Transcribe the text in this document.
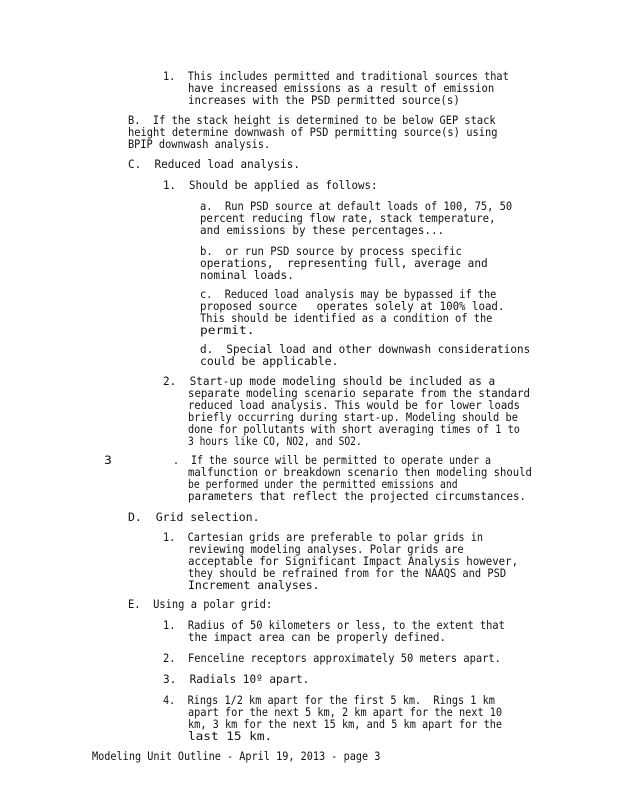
1.  This includes permitted and traditional sources that
have increased emissions as a result of emission
increases with the PSD permitted source(s)
B.  If the stack height is determined to be below GEP stack
height determine downwash of PSD permitting source(s) using
BPIP downwash analysis.
C.  Reduced load analysis.
1.  Should be applied as follows:
a.  Run PSD source at default loads of 100, 75, 50
percent reducing flow rate, stack temperature,
and emissions by these percentages...
b.  or run PSD source by process specific
operations,  representing full, average and
nominal loads.
c.  Reduced load analysis may be bypassed if the
proposed source   operates solely at 100% load.
This should be identified as a condition of the
permit.
d.  Special load and other downwash considerations
could be applicable.
2.  Start-up mode modeling should be included as a
separate modeling scenario separate from the standard
reduced load analysis. This would be for lower loads
briefly occurring during start-up. Modeling should be
done for pollutants with short averaging times of 1 to
3 hours like CO, NO2, and SO2.
3	.  If the source will be permitted to operate under a
malfunction or breakdown scenario then modeling should
be performed under the permitted emissions and
parameters that reflect the projected circumstances.
D.  Grid selection.
1.  Cartesian grids are preferable to polar grids in
reviewing modeling analyses. Polar grids are
acceptable for Significant Impact Analysis however,
they should be refrained from for the NAAQS and PSD
Increment analyses.
E.  Using a polar grid:
1.  Radius of 50 kilometers or less, to the extent that
the impact area can be properly defined.
2.  Fenceline receptors approximately 50 meters apart.
3.  Radials 10º apart.
4.  Rings 1/2 km apart for the first 5 km.  Rings 1 km
apart for the next 5 km, 2 km apart for the next 10
km, 3 km for the next 15 km, and 5 km apart for the
last 15 km.
Modeling Unit Outline - April 19, 2013 - page 3
